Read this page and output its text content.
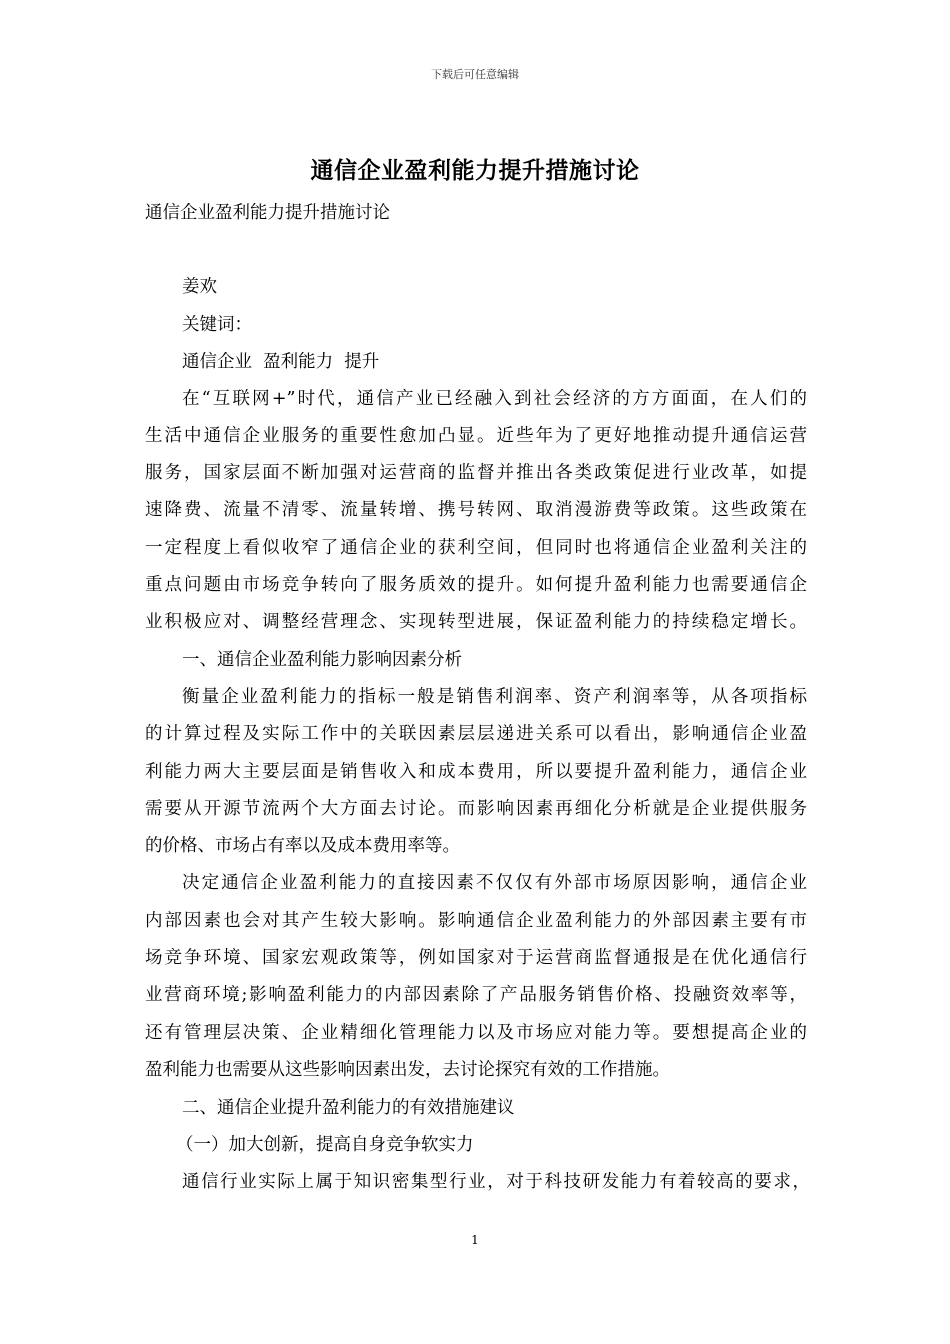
下载后可任意编辑
通信企业盈利能力提升措施讨论
通信企业盈利能力提升措施讨论
姜欢
关键词：
通信企业  盈利能力  提升
在“互联网+”时代，通信产业已经融入到社会经济的方方面面，在人们的
生活中通信企业服务的重要性愈加凸显。近些年为了更好地推动提升通信运营
服务，国家层面不断加强对运营商的监督并推出各类政策促进行业改革，如提
速降费、流量不清零、流量转增、携号转网、取消漫游费等政策。这些政策在
一定程度上看似收窄了通信企业的获利空间，但同时也将通信企业盈利关注的
重点问题由市场竞争转向了服务质效的提升。如何提升盈利能力也需要通信企
业积极应对、调整经营理念、实现转型进展，保证盈利能力的持续稳定增长。
一、通信企业盈利能力影响因素分析
衡量企业盈利能力的指标一般是销售利润率、资产利润率等，从各项指标
的计算过程及实际工作中的关联因素层层递进关系可以看出，影响通信企业盈
利能力两大主要层面是销售收入和成本费用，所以要提升盈利能力，通信企业
需要从开源节流两个大方面去讨论。而影响因素再细化分析就是企业提供服务
的价格、市场占有率以及成本费用率等。
决定通信企业盈利能力的直接因素不仅仅有外部市场原因影响，通信企业
内部因素也会对其产生较大影响。影响通信企业盈利能力的外部因素主要有市
场竞争环境、国家宏观政策等，例如国家对于运营商监督通报是在优化通信行
业营商环境;影响盈利能力的内部因素除了产品服务销售价格、投融资效率等，
还有管理层决策、企业精细化管理能力以及市场应对能力等。要想提高企业的
盈利能力也需要从这些影响因素出发，去讨论探究有效的工作措施。
二、通信企业提升盈利能力的有效措施建议
（一）加大创新，提高自身竞争软实力
通信行业实际上属于知识密集型行业，对于科技研发能力有着较高的要求，
1
